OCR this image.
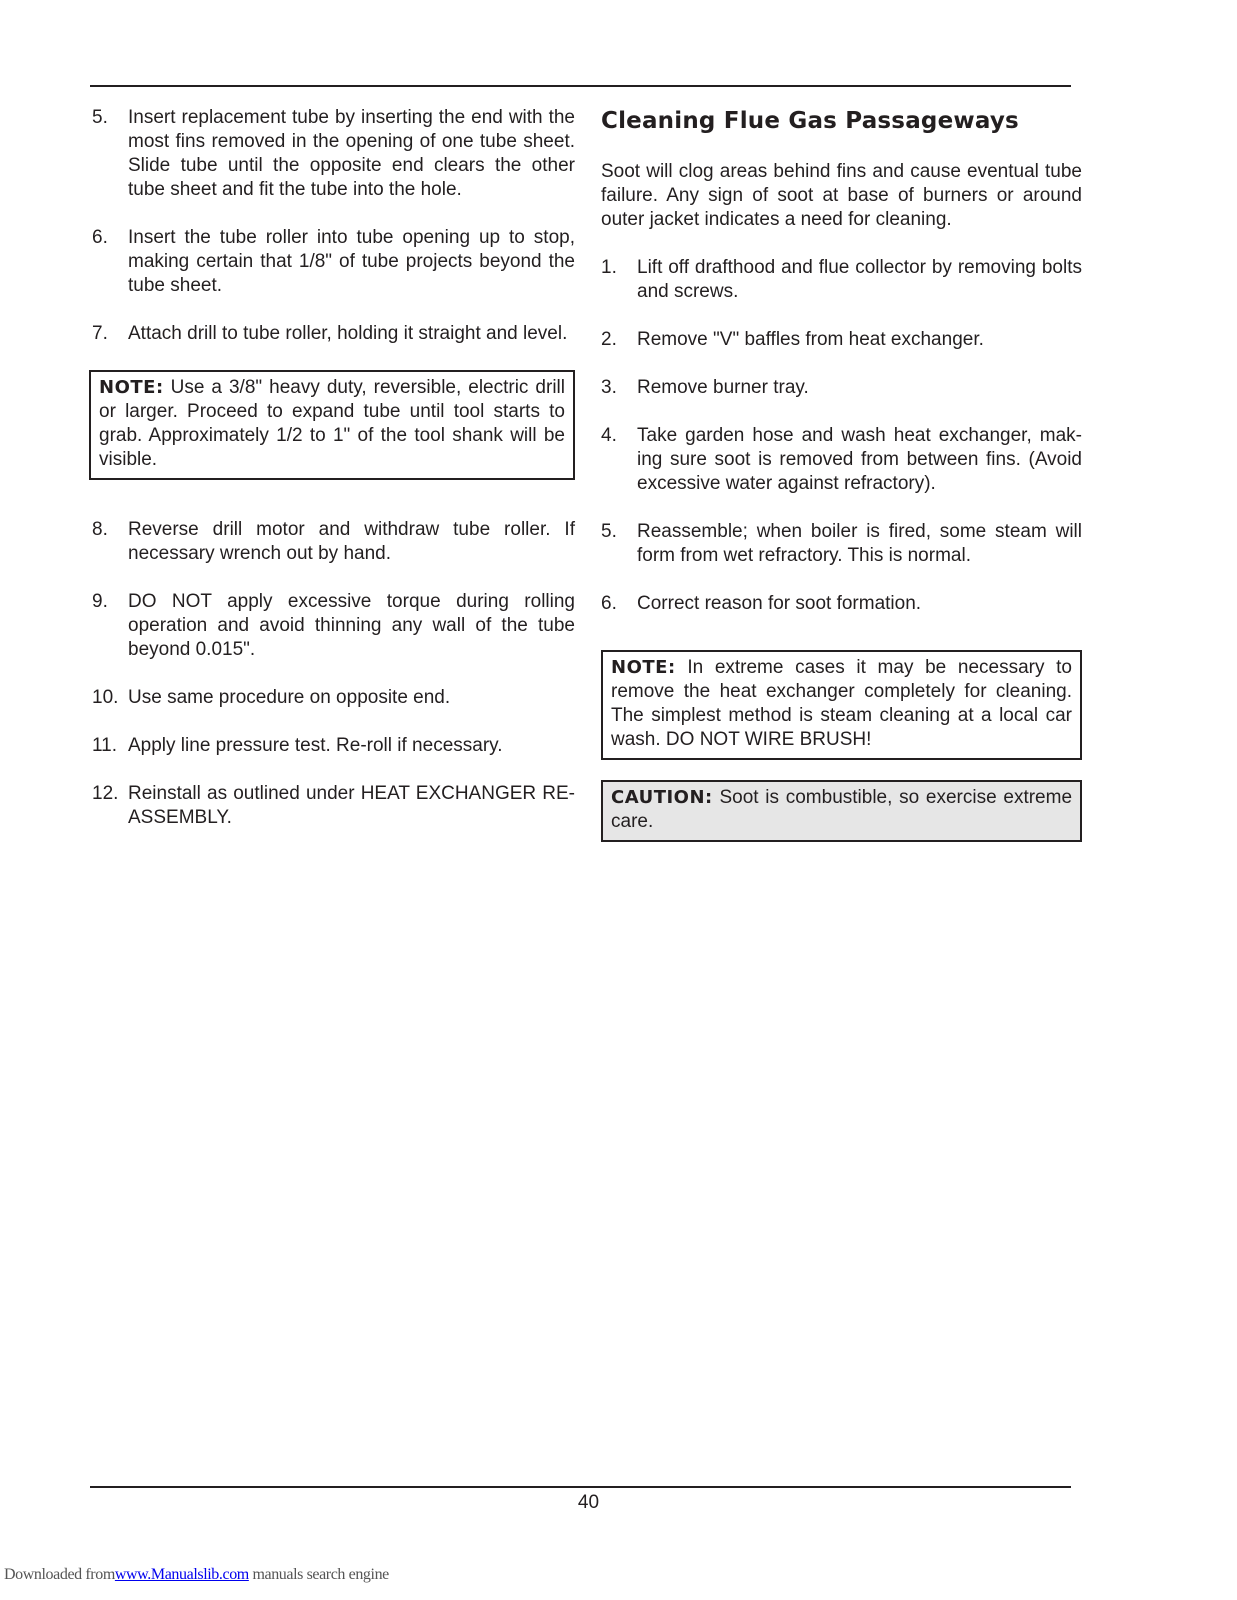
5. Insert replacement tube by inserting the end with the most fins removed in the opening of one tube sheet. Slide tube until the opposite end clears the other tube sheet and fit the tube into the hole.
6. Insert the tube roller into tube opening up to stop, making certain that 1/8" of tube projects beyond the tube sheet.
7. Attach drill to tube roller, holding it straight and level.
NOTE: Use a 3/8" heavy duty, reversible, electric drill or larger. Proceed to expand tube until tool starts to grab. Approximately 1/2 to 1" of the tool shank will be visible.
8. Reverse drill motor and withdraw tube roller. If necessary wrench out by hand.
9. DO NOT apply excessive torque during rolling operation and avoid thinning any wall of the tube beyond 0.015".
10. Use same procedure on opposite end.
11. Apply line pressure test. Re-roll if necessary.
12. Reinstall as outlined under HEAT EXCHANGER RE-ASSEMBLY.
Cleaning Flue Gas Passageways

Soot will clog areas behind fins and cause eventual tube failure. Any sign of soot at base of burners or around outer jacket indicates a need for cleaning.

1. Lift off drafthood and flue collector by removing bolts and screws.
2. Remove "V" baffles from heat exchanger.
3. Remove burner tray.
4. Take garden hose and wash heat exchanger, mak-ing sure soot is removed from between fins. (Avoid excessive water against refractory).
5. Reassemble; when boiler is fired, some steam will form from wet refractory. This is normal.
6. Correct reason for soot formation.
NOTE: In extreme cases it may be necessary to remove the heat exchanger completely for cleaning. The simplest method is steam cleaning at a local car wash. DO NOT WIRE BRUSH!
CAUTION: Soot is combustible, so exercise extreme care.
40
Downloaded fromwww.Manualslib.com manuals search engine
